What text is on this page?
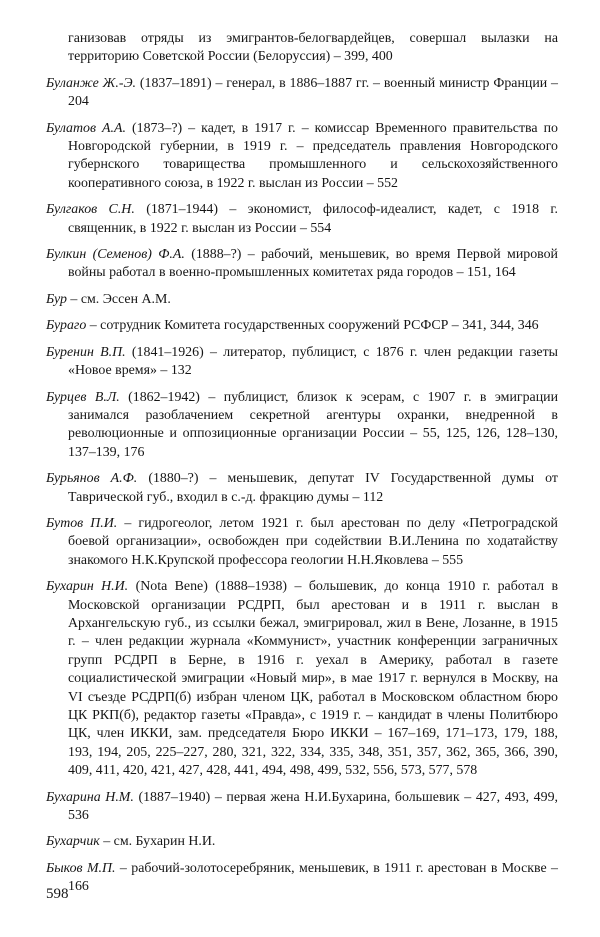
ганизовав отряды из эмигрантов-белогвардейцев, совершал вылазки на территорию Советской России (Белоруссия) – 399, 400

Буланже Ж.-Э. (1837–1891) – генерал, в 1886–1887 гг. – военный министр Франции – 204

Булатов А.А. (1873–?) – кадет, в 1917 г. – комиссар Временного правительства по Новгородской губернии, в 1919 г. – председатель правления Новгородского губернского товарищества промышленного и сельскохозяйственного кооперативного союза, в 1922 г. выслан из России – 552

Булгаков С.Н. (1871–1944) – экономист, философ-идеалист, кадет, с 1918 г. священник, в 1922 г. выслан из России – 554

Булкин (Семенов) Ф.А. (1888–?) – рабочий, меньшевик, во время Первой мировой войны работал в военно-промышленных комитетах ряда городов – 151, 164

Бур – см. Эссен А.М.

Бураго – сотрудник Комитета государственных сооружений РСФСР – 341, 344, 346

Буренин В.П. (1841–1926) – литератор, публицист, с 1876 г. член редакции газеты «Новое время» – 132

Бурцев В.Л. (1862–1942) – публицист, близок к эсерам, с 1907 г. в эмиграции занимался разоблачением секретной агентуры охранки, внедренной в революционные и оппозиционные организации России – 55, 125, 126, 128–130, 137–139, 176

Бурьянов А.Ф. (1880–?) – меньшевик, депутат IV Государственной думы от Таврической губ., входил в с.-д. фракцию думы – 112

Бутов П.И. – гидрогеолог, летом 1921 г. был арестован по делу «Петроградской боевой организации», освобожден при содействии В.И.Ленина по ходатайству знакомого Н.К.Крупской профессора геологии Н.Н.Яковлева – 555

Бухарин Н.И. (Nota Bene) (1888–1938) – большевик, до конца 1910 г. работал в Московской организации РСДРП, был арестован и в 1911 г. выслан в Архангельскую губ., из ссылки бежал, эмигрировал, жил в Вене, Лозанне, в 1915 г. – член редакции журнала «Коммунист», участник конференции заграничных групп РСДРП в Берне, в 1916 г. уехал в Америку, работал в газете социалистической эмиграции «Новый мир», в мае 1917 г. вернулся в Москву, на VI съезде РСДРП(б) избран членом ЦК, работал в Московском областном бюро ЦК РКП(б), редактор газеты «Правда», с 1919 г. – кандидат в члены Политбюро ЦК, член ИККИ, зам. председателя Бюро ИККИ – 167–169, 171–173, 179, 188, 193, 194, 205, 225–227, 280, 321, 322, 334, 335, 348, 351, 357, 362, 365, 366, 390, 409, 411, 420, 421, 427, 428, 441, 494, 498, 499, 532, 556, 573, 577, 578

Бухарина Н.М. (1887–1940) – первая жена Н.И.Бухарина, большевик – 427, 493, 499, 536

Бухарчик – см. Бухарин Н.И.

Быков М.П. – рабочий-золотосеребряник, меньшевик, в 1911 г. арестован в Москве – 166

598
